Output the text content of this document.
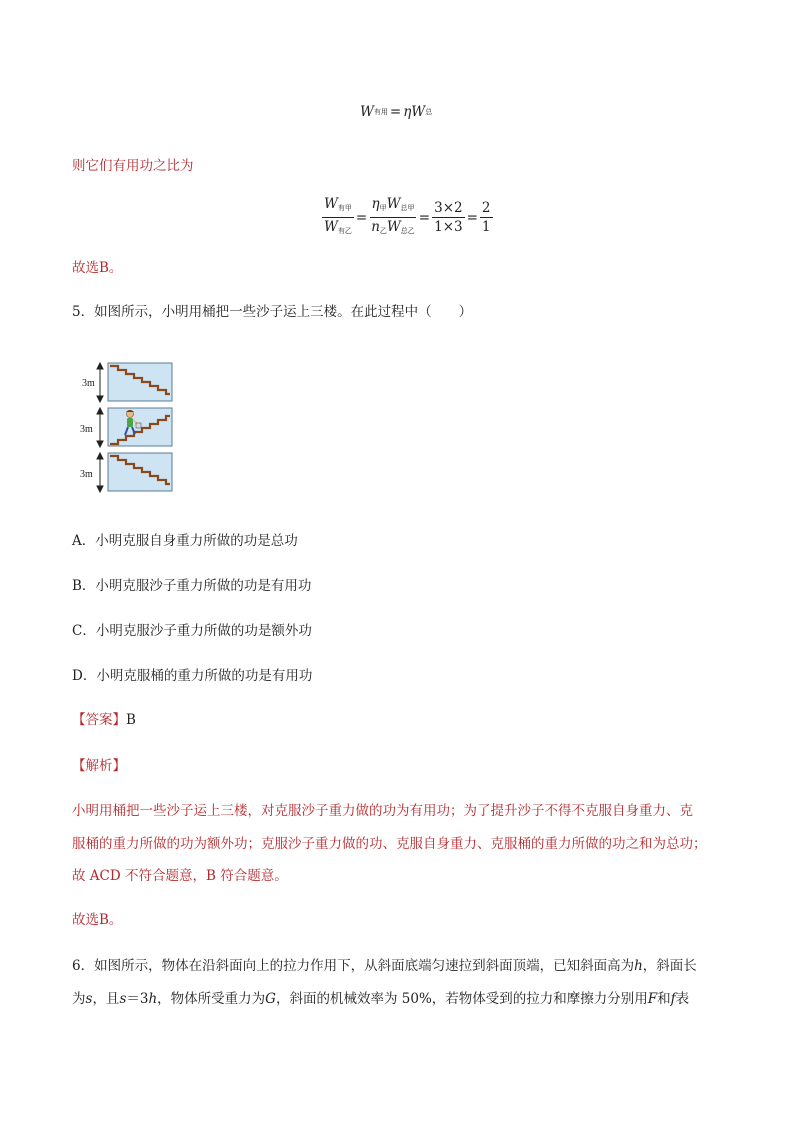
W 有用 = η W 总
则它们有用功之比为
$\frac{W_{有甲}}{W_{有乙}} = \frac{\eta_甲W_{总甲}}{n_乙W_{总乙}} = \frac{3\times 2}{1\times 3} = \frac{2}{1}$
故选B。
5．如图所示，小明用桶把一些沙子运上三楼。在此过程中（　　）
3m
3m
3m
A．小明克服自身重力所做的功是总功
B．小明克服沙子重力所做的功是有用功
C．小明克服沙子重力所做的功是额外功
D．小明克服桶的重力所做的功是有用功
【答案】B
【解析】
小明用桶把一些沙子运上三楼，对克服沙子重力做的功为有用功；为了提升沙子不得不克服自身重力、克
服桶的重力所做的功为额外功；克服沙子重力做的功、克服自身重力、克服桶的重力所做的功之和为总功；
故 ACD 不符合题意，B 符合题意。
故选B。
6．如图所示，物体在沿斜面向上的拉力作用下，从斜面底端匀速拉到斜面顶端，已知斜面高为h，斜面长
为s，且s＝3h，物体所受重力为G，斜面的机械效率为 50%，若物体受到的拉力和摩擦力分别用F和f表
